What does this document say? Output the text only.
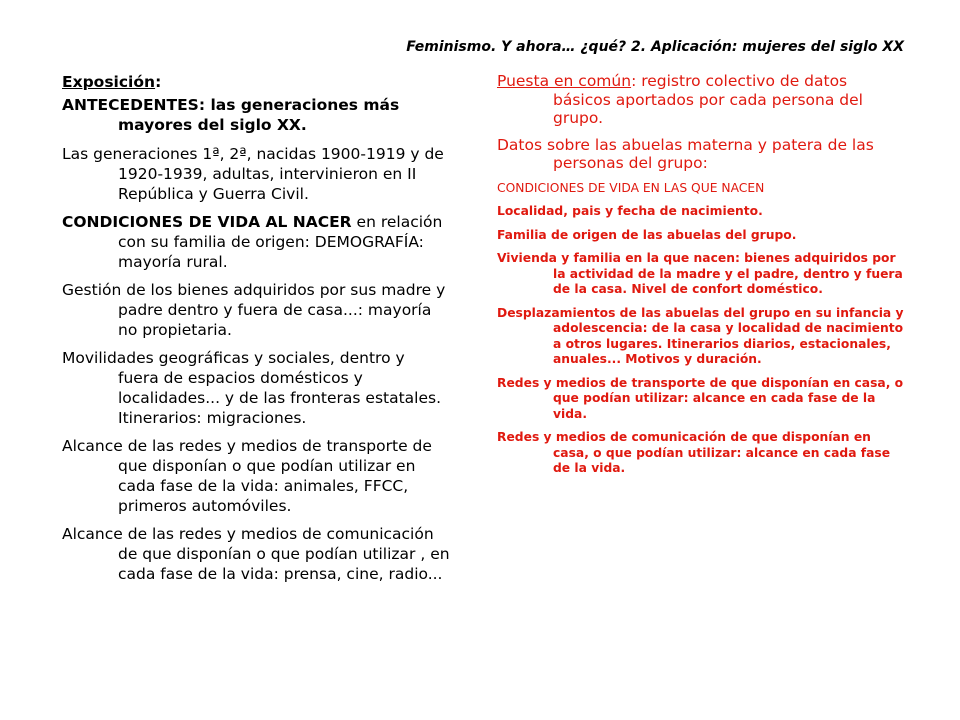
Feminismo. Y ahora… ¿qué? 2. Aplicación: mujeres del siglo XX

Exposición:

ANTECEDENTES: las generaciones más mayores del siglo XX.

Las generaciones 1ª, 2ª, nacidas 1900-1919 y de 1920-1939, adultas, intervinieron en II República y Guerra Civil.

CONDICIONES DE VIDA AL NACER en relación con su familia de origen: DEMOGRAFÍA: mayoría rural.

Gestión de los bienes adquiridos por sus madre y padre dentro y fuera de casa...: mayoría no propietaria.

Movilidades geográficas y sociales, dentro y fuera de espacios domésticos y localidades... y de las fronteras estatales. Itinerarios: migraciones.

Alcance de las redes y medios de transporte de que disponían o que podían utilizar en cada fase de la vida: animales, FFCC, primeros automóviles.

Alcance de las redes y medios de comunicación de que disponían o que podían utilizar , en cada fase de la vida: prensa, cine, radio...

Puesta en común: registro colectivo de datos básicos aportados por cada persona del grupo.

Datos sobre las abuelas materna y patera de las personas del grupo:

CONDICIONES DE VIDA EN LAS QUE NACEN

Localidad, pais y fecha de nacimiento.

Familia de origen de las abuelas del grupo.

Vivienda y familia en la que nacen: bienes adquiridos por la actividad de la madre y el padre, dentro y fuera de la casa. Nivel de confort doméstico.

Desplazamientos de las abuelas del grupo en su infancia y adolescencia: de la casa y localidad de nacimiento a otros lugares. Itinerarios diarios, estacionales, anuales... Motivos y duración.

Redes y medios de transporte de que disponían en casa, o que podían utilizar: alcance en cada fase de la vida.

Redes y medios de comunicación de que disponían en casa, o que podían utilizar: alcance en cada fase de la vida.
